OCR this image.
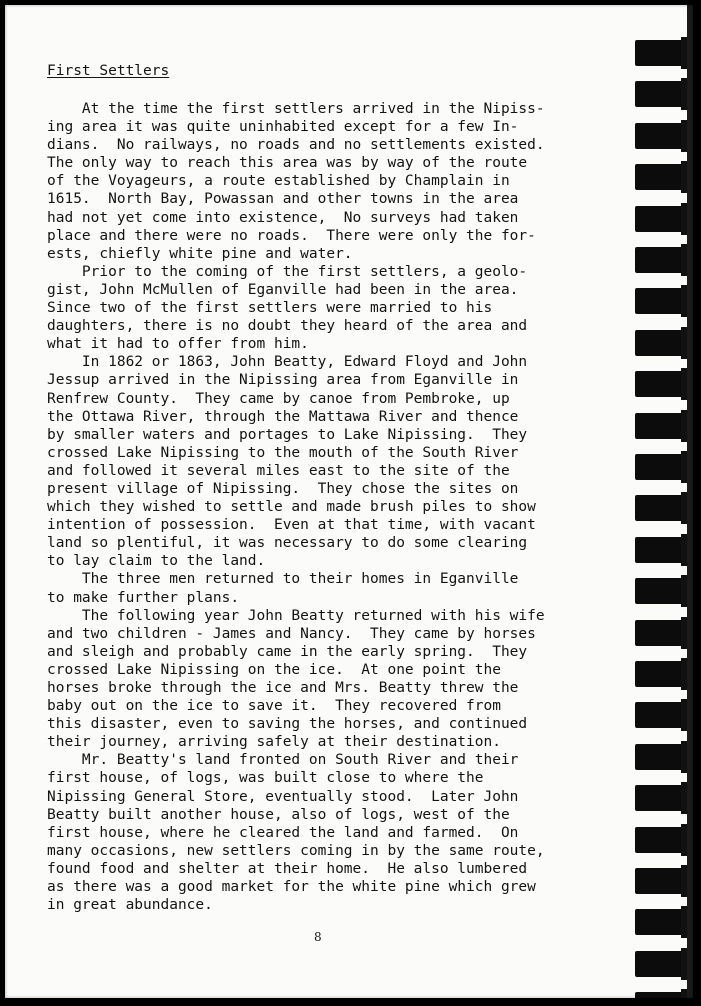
First Settlers
At the time the first settlers arrived in the Nipiss-
ing area it was quite uninhabited except for a few In-
dians.  No railways, no roads and no settlements existed.
The only way to reach this area was by way of the route
of the Voyageurs, a route established by Champlain in
1615.  North Bay, Powassan and other towns in the area
had not yet come into existence,  No surveys had taken
place and there were no roads.  There were only the for-
ests, chiefly white pine and water.
Prior to the coming of the first settlers, a geolo-
gist, John McMullen of Eganville had been in the area.
Since two of the first settlers were married to his
daughters, there is no doubt they heard of the area and
what it had to offer from him.
In 1862 or 1863, John Beatty, Edward Floyd and John
Jessup arrived in the Nipissing area from Eganville in
Renfrew County.  They came by canoe from Pembroke, up
the Ottawa River, through the Mattawa River and thence
by smaller waters and portages to Lake Nipissing.  They
crossed Lake Nipissing to the mouth of the South River
and followed it several miles east to the site of the
present village of Nipissing.  They chose the sites on
which they wished to settle and made brush piles to show
intention of possession.  Even at that time, with vacant
land so plentiful, it was necessary to do some clearing
to lay claim to the land.
The three men returned to their homes in Eganville
to make further plans.
The following year John Beatty returned with his wife
and two children - James and Nancy.  They came by horses
and sleigh and probably came in the early spring.  They
crossed Lake Nipissing on the ice.  At one point the
horses broke through the ice and Mrs. Beatty threw the
baby out on the ice to save it.  They recovered from
this disaster, even to saving the horses, and continued
their journey, arriving safely at their destination.
Mr. Beatty's land fronted on South River and their
first house, of logs, was built close to where the
Nipissing General Store, eventually stood.  Later John
Beatty built another house, also of logs, west of the
first house, where he cleared the land and farmed.  On
many occasions, new settlers coming in by the same route,
found food and shelter at their home.  He also lumbered
as there was a good market for the white pine which grew
in great abundance.
8
